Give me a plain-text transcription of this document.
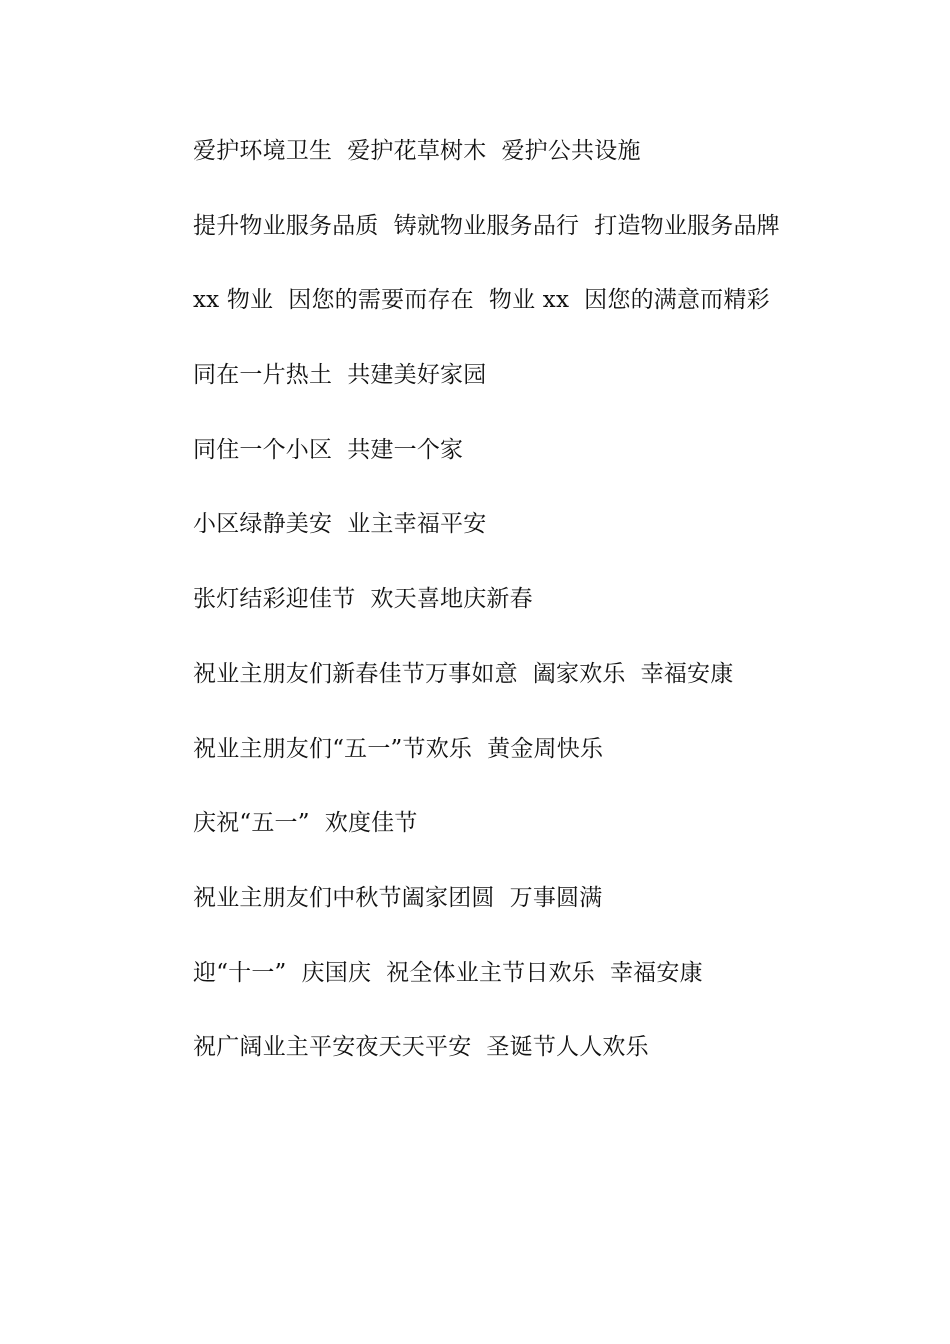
爱护环境卫生  爱护花草树木  爱护公共设施
提升物业服务品质  铸就物业服务品行  打造物业服务品牌
xx 物业  因您的需要而存在  物业 xx  因您的满意而精彩
同在一片热土  共建美好家园
同住一个小区  共建一个家
小区绿静美安  业主幸福平安
张灯结彩迎佳节  欢天喜地庆新春
祝业主朋友们新春佳节万事如意  阖家欢乐  幸福安康
祝业主朋友们“五一”节欢乐  黄金周快乐
庆祝“五一”  欢度佳节
祝业主朋友们中秋节阖家团圆  万事圆满
迎“十一”  庆国庆  祝全体业主节日欢乐  幸福安康
祝广阔业主平安夜天天平安  圣诞节人人欢乐
